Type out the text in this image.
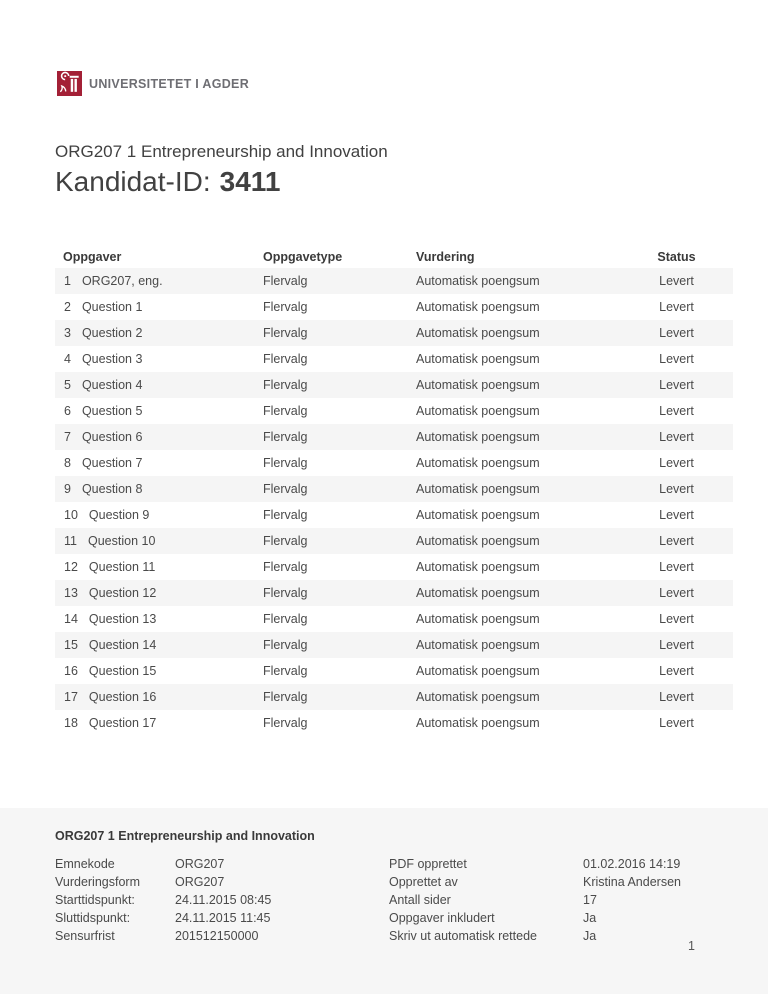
UNIVERSITETET I AGDER
ORG207 1 Entrepreneurship and Innovation
Kandidat-ID: 3411
Oppgaver	Oppgavetype	Vurdering	Status
1 ORG207, eng.	Flervalg	Automatisk poengsum	Levert
2 Question 1	Flervalg	Automatisk poengsum	Levert
3 Question 2	Flervalg	Automatisk poengsum	Levert
4 Question 3	Flervalg	Automatisk poengsum	Levert
5 Question 4	Flervalg	Automatisk poengsum	Levert
6 Question 5	Flervalg	Automatisk poengsum	Levert
7 Question 6	Flervalg	Automatisk poengsum	Levert
8 Question 7	Flervalg	Automatisk poengsum	Levert
9 Question 8	Flervalg	Automatisk poengsum	Levert
10 Question 9	Flervalg	Automatisk poengsum	Levert
11 Question 10	Flervalg	Automatisk poengsum	Levert
12 Question 11	Flervalg	Automatisk poengsum	Levert
13 Question 12	Flervalg	Automatisk poengsum	Levert
14 Question 13	Flervalg	Automatisk poengsum	Levert
15 Question 14	Flervalg	Automatisk poengsum	Levert
16 Question 15	Flervalg	Automatisk poengsum	Levert
17 Question 16	Flervalg	Automatisk poengsum	Levert
18 Question 17	Flervalg	Automatisk poengsum	Levert
ORG207 1 Entrepreneurship and Innovation
Emnekode	ORG207
Vurderingsform	ORG207
Starttidspunkt:	24.11.2015 08:45
Sluttidspunkt:	24.11.2015 11:45
Sensurfrist	201512150000
PDF opprettet	01.02.2016 14:19
Opprettet av	Kristina Andersen
Antall sider	17
Oppgaver inkludert	Ja
Skriv ut automatisk rettede	Ja
1
